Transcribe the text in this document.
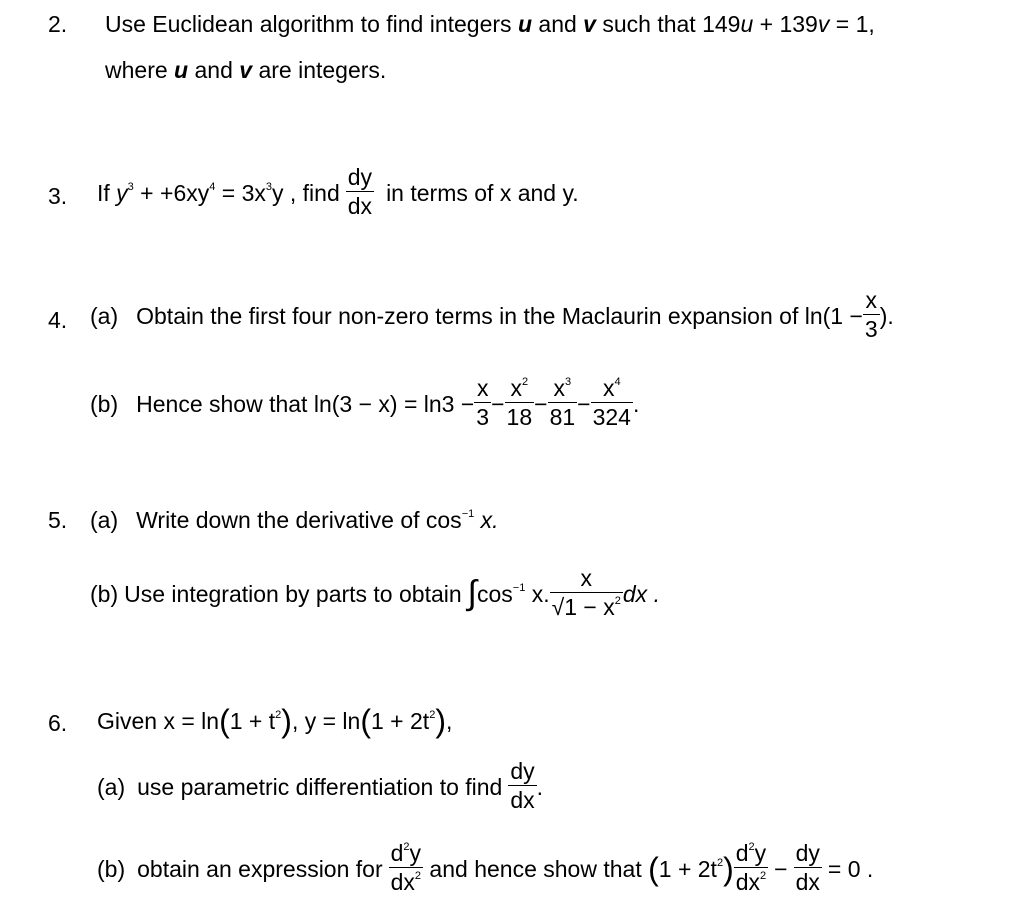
2. Use Euclidean algorithm to find integers u and v such that 149u + 139v = 1,
where u and v are integers.
3. If $y^3 + +6xy^4 = 3x^3y$ , find $\frac{dy}{dx}$ in terms of x and y.
4. (a) Obtain the first four non-zero terms in the Maclaurin expansion of $\ln(1 - \frac{x}{3}$ ).
(b) Hence show that $\ln(3 - x) = \ln 3 - \frac{x}{3} - \frac{x^2}{18} - \frac{x^3}{81} - \frac{x^4}{324}$ .
5. (a) Write down the derivative of $\cos^{-1} x$.
(b) Use integration by parts to obtain $\int\cos^{-1}$ x. $\frac{x}{√1 - x^2}$ dx .
6. Given $x = \ln(1 + t^2)$, $y = \ln(1 + 2t^2)$,
(a) use parametric differentiation to find $\frac{dy}{dx}$ .
(b) obtain an expression for $\frac{d^2y}{dx^2}$ and hence show that $(1 + 2t^2) \frac{d^2y}{dx^2} - \frac{dy}{dx} = 0$ .
